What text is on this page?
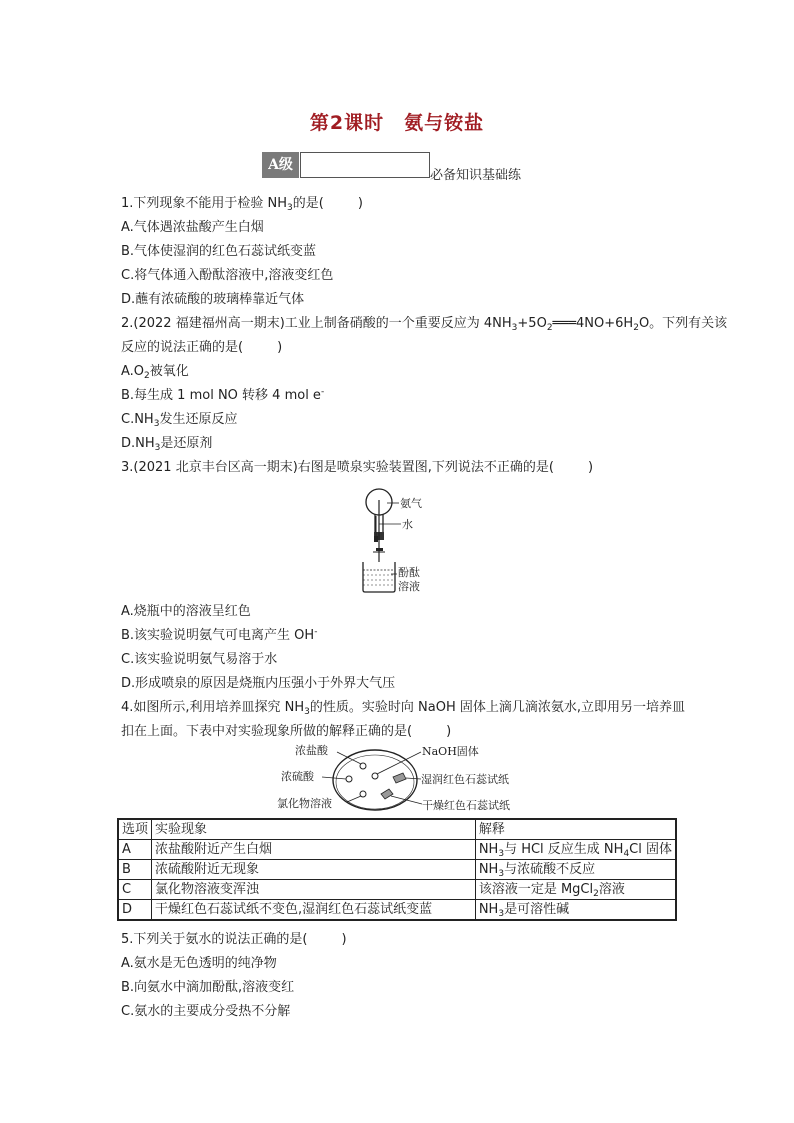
第2课时　氨与铵盐
A级
必备知识基础练
1.下列现象不能用于检验 $NH_3$的是(	)
A.气体遇浓盐酸产生白烟
B.气体使湿润的红色石蕊试纸变蓝
C.将气体通入酚酞溶液中,溶液变红色
D.蘸有浓硫酸的玻璃棒靠近气体
2.(2022 福建福州高一期末)工业上制备硝酸的一个重要反应为 $4NH_3+5O_2═══4NO+6H_2O$。下列有关该
反应的说法正确的是(	)
$A.O_2$被氧化
B.每生成 1 mol NO 转移 4 mol e-
$C.NH_3$发生还原反应
$D.NH_3$是还原剂
3.(2021 北京丰台区高一期末)右图是喷泉实验装置图,下列说法不正确的是(	)
氨气
水
酚酞
溶液
A.烧瓶中的溶液呈红色
B.该实验说明氨气可电离产生 OH-
C.该实验说明氨气易溶于水
D.形成喷泉的原因是烧瓶内压强小于外界大气压
4.如图所示,利用培养皿探究 $NH_3$的性质。实验时向 NaOH 固体上滴几滴浓氨水,立即用另一培养皿
扣在上面。下表中对实验现象所做的解释正确的是(	)
浓盐酸	NaOH固体
浓硫酸	湿润红色石蕊试纸
氯化物溶液	干燥红色石蕊试纸
选项	实验现象	解释
A	浓盐酸附近产生白烟	$NH_3$与 HCl 反应生成 $NH_4Cl$ 固体
B	浓硫酸附近无现象	$NH_3$与浓硫酸不反应
C	氯化物溶液变浑浊	该溶液一定是 MgCl$_2$溶液
D	干燥红色石蕊试纸不变色,湿润红色石蕊试纸变蓝	$NH_3$是可溶性碱
5.下列关于氨水的说法正确的是(	)
A.氨水是无色透明的纯净物
B.向氨水中滴加酚酞,溶液变红
C.氨水的主要成分受热不分解
